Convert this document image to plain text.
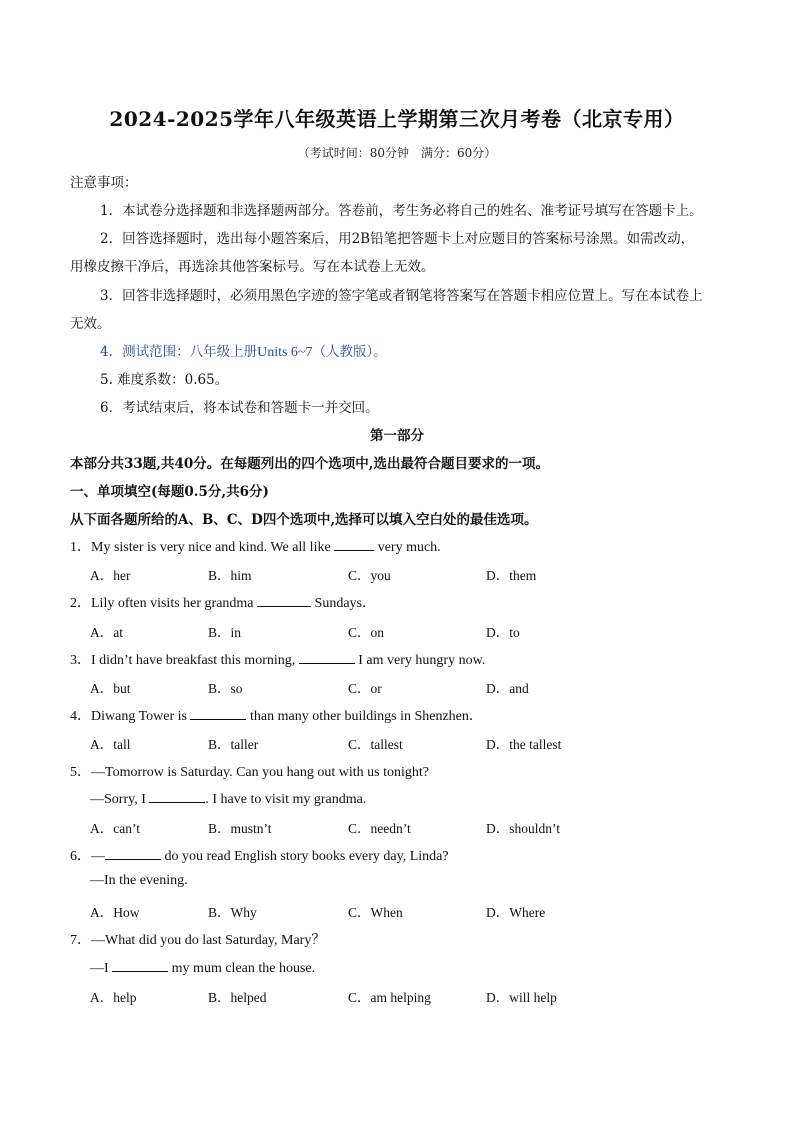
2024-2025学年八年级英语上学期第三次月考卷（北京专用）
（考试时间：80分钟　满分：60分）
注意事项：
1．本试卷分选择题和非选择题两部分。答卷前，考生务必将自己的姓名、准考证号填写在答题卡上。
2．回答选择题时，选出每小题答案后，用2B铅笔把答题卡上对应题目的答案标号涂黑。如需改动，
用橡皮擦干净后，再选涂其他答案标号。写在本试卷上无效。
3．回答非选择题时，必须用黑色字迹的签字笔或者钢笔将答案写在答题卡相应位置上。写在本试卷上
无效。
4．测试范围：八年级上册Units 6~7（人教版）。
5. 难度系数：0.65。
6．考试结束后，将本试卷和答题卡一并交回。
第一部分
本部分共33题,共40分。在每题列出的四个选项中,选出最符合题目要求的一项。
一、单项填空(每题0.5分,共6分)
从下面各题所给的A、B、C、D四个选项中,选择可以填入空白处的最佳选项。
1．My sister is very nice and kind. We all like	very much.
A．her	B．him	C．you	D．them
2．Lily often visits her grandma	Sundays．
A．at	B．in	C．on	D．to
3．I didn’t have breakfast this morning,	I am very hungry now.
A．but	B．so	C．or	D．and
4．Diwang Tower is	than many other buildings in Shenzhen．
A．tall	B．taller	C．tallest	D．the tallest
5．—Tomorrow is Saturday. Can you hang out with us tonight?
—Sorry, I	. I have to visit my grandma.
A．can’t	B．mustn’t	C．needn’t	D．shouldn’t
6．—	do you read English story books every day, Linda?
—In the evening.
A．How	B．Why	C．When	D．Where
7．—What did you do last Saturday, Mary？
—I	my mum clean the house.
A．help	B．helped	C．am helping	D．will help
